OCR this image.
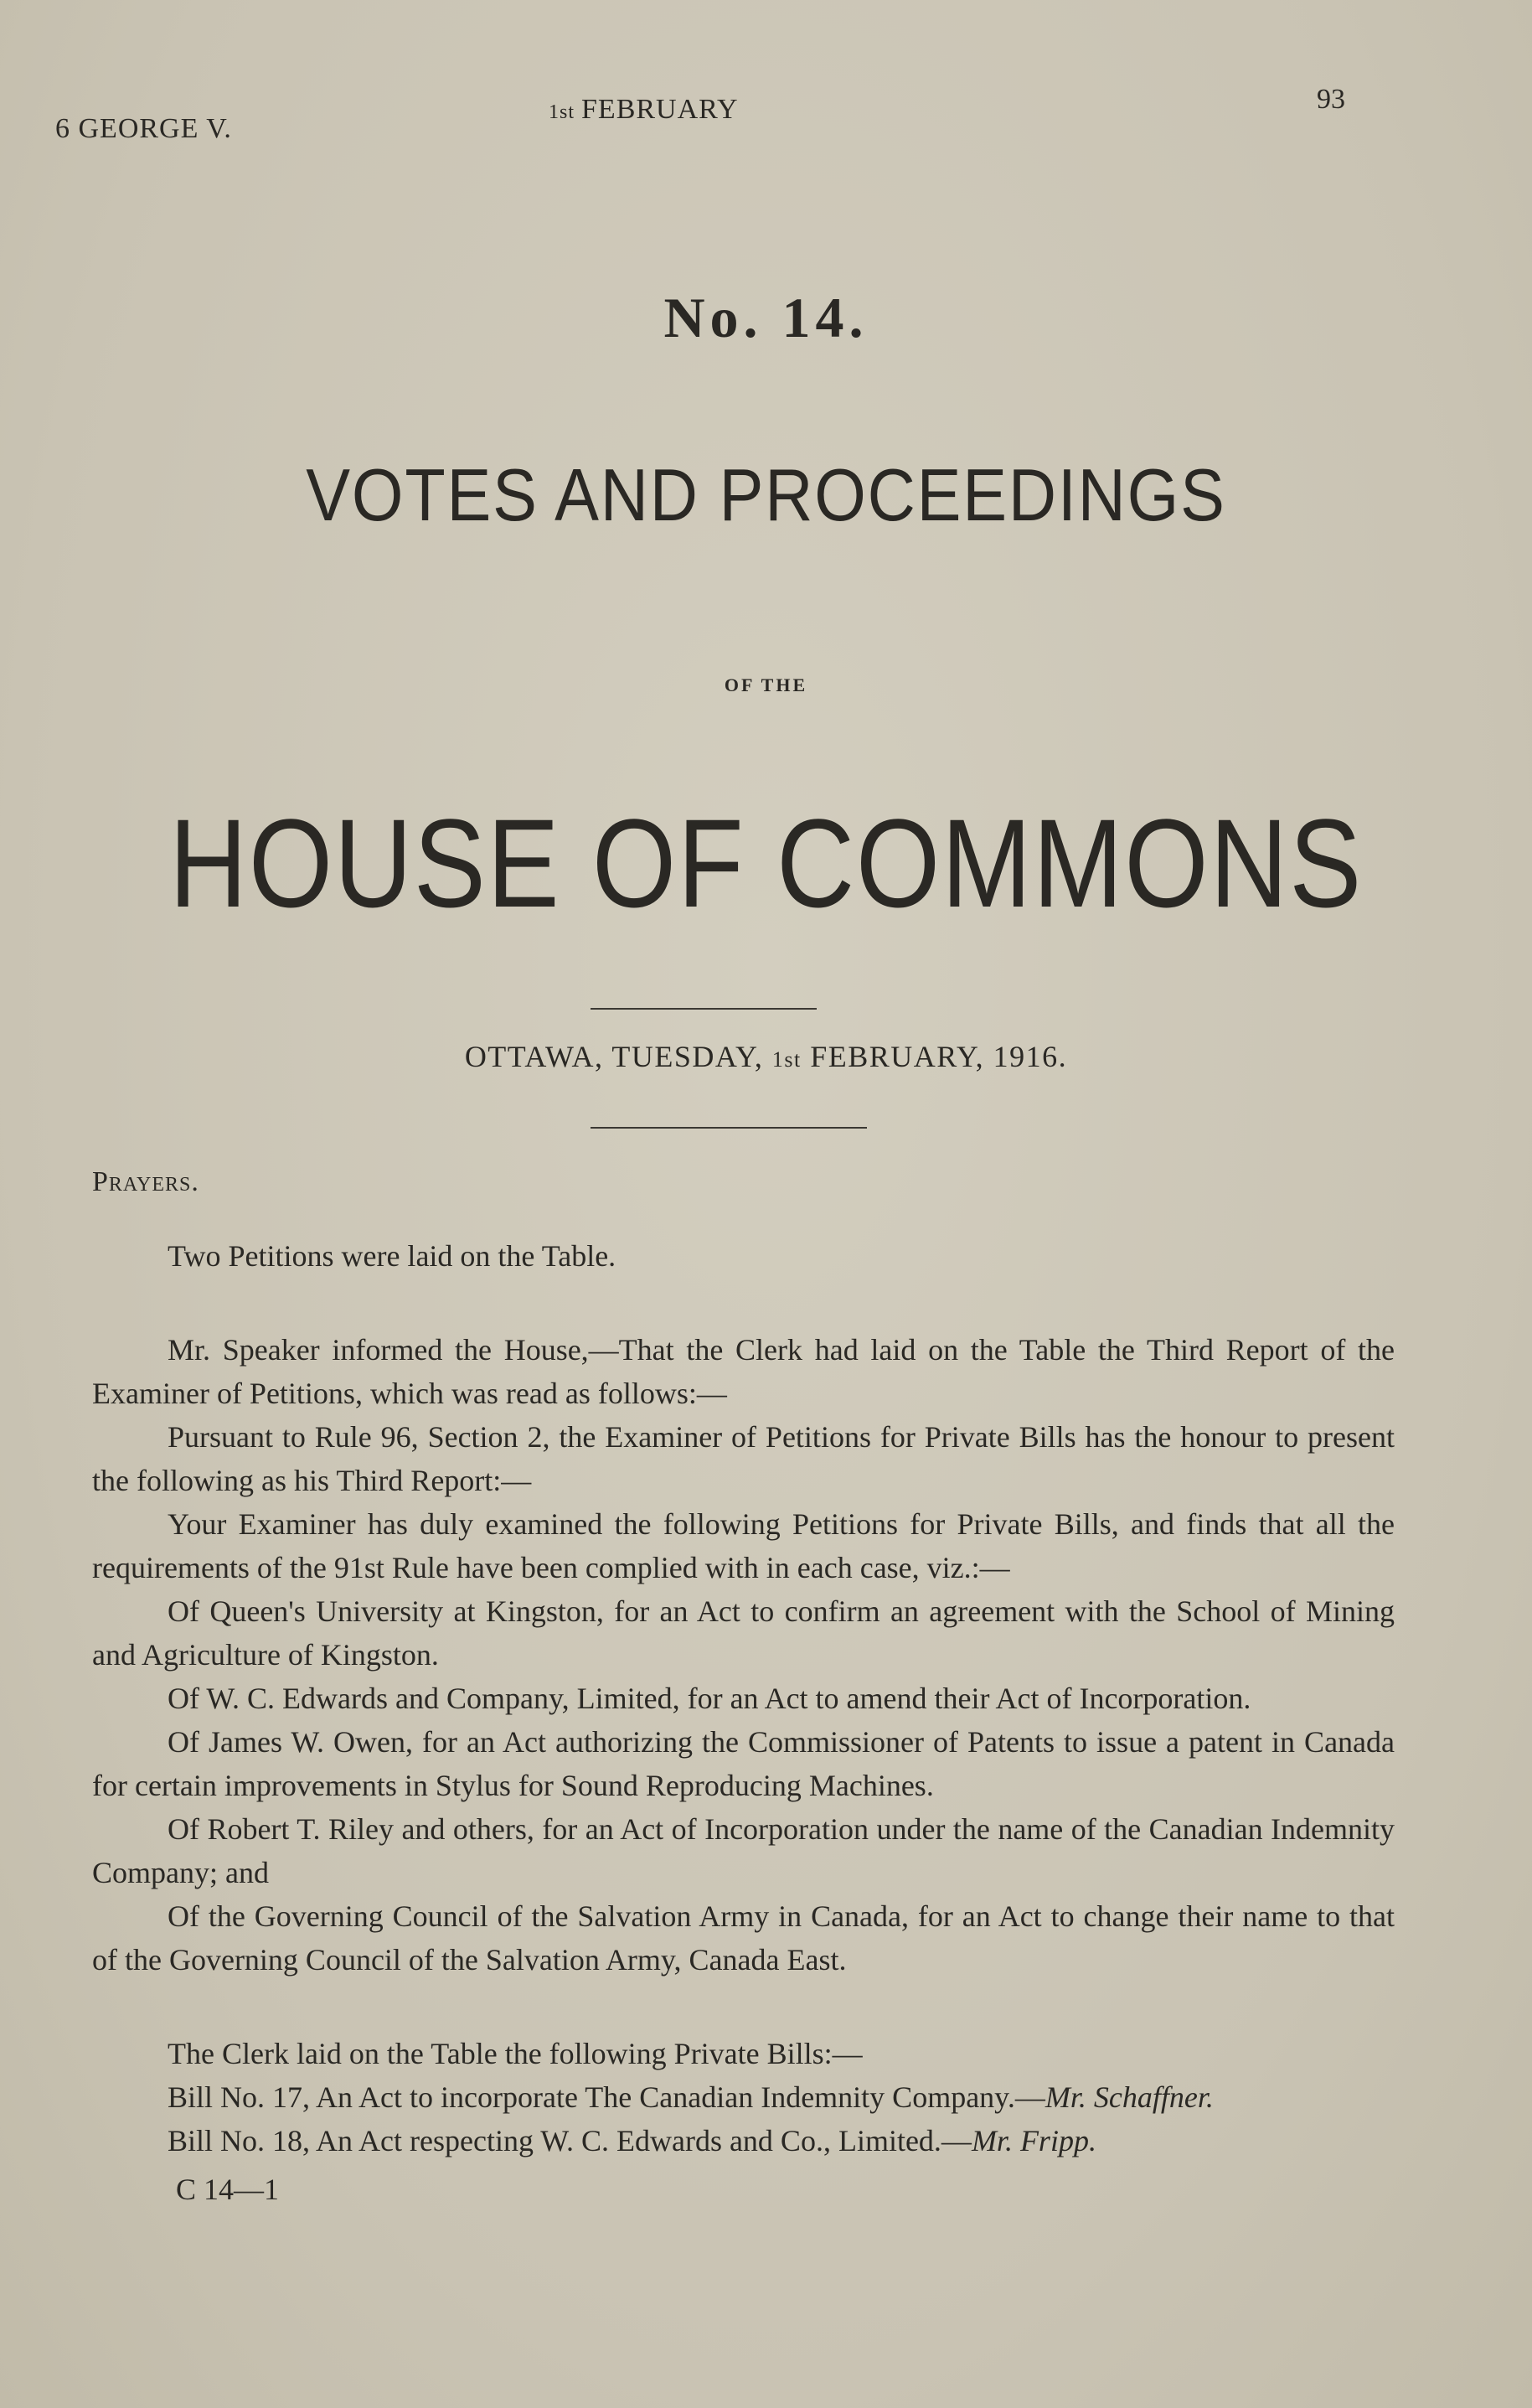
6 GEORGE V.
1st FEBRUARY	93
No. 14.
VOTES AND PROCEEDINGS
OF THE
HOUSE OF COMMONS
OTTAWA, TUESDAY, 1st FEBRUARY, 1916.

Prayers.

Two Petitions were laid on the Table.

Mr. Speaker informed the House,—That the Clerk had laid on the Table the Third Report of the Examiner of Petitions, which was read as follows:—

Pursuant to Rule 96, Section 2, the Examiner of Petitions for Private Bills has the honour to present the following as his Third Report:—

Your Examiner has duly examined the following Petitions for Private Bills, and finds that all the requirements of the 91st Rule have been complied with in each case, viz.:—

Of Queen's University at Kingston, for an Act to confirm an agreement with the School of Mining and Agriculture of Kingston.

Of W. C. Edwards and Company, Limited, for an Act to amend their Act of Incorporation.

Of James W. Owen, for an Act authorizing the Commissioner of Patents to issue a patent in Canada for certain improvements in Stylus for Sound Reproducing Machines.

Of Robert T. Riley and others, for an Act of Incorporation under the name of the Canadian Indemnity Company; and

Of the Governing Council of the Salvation Army in Canada, for an Act to change their name to that of the Governing Council of the Salvation Army, Canada East.

The Clerk laid on the Table the following Private Bills:—

Bill No. 17, An Act to incorporate The Canadian Indemnity Company.—Mr. Schaffner.

Bill No. 18, An Act respecting W. C. Edwards and Co., Limited.—Mr. Fripp.

C 14—1
